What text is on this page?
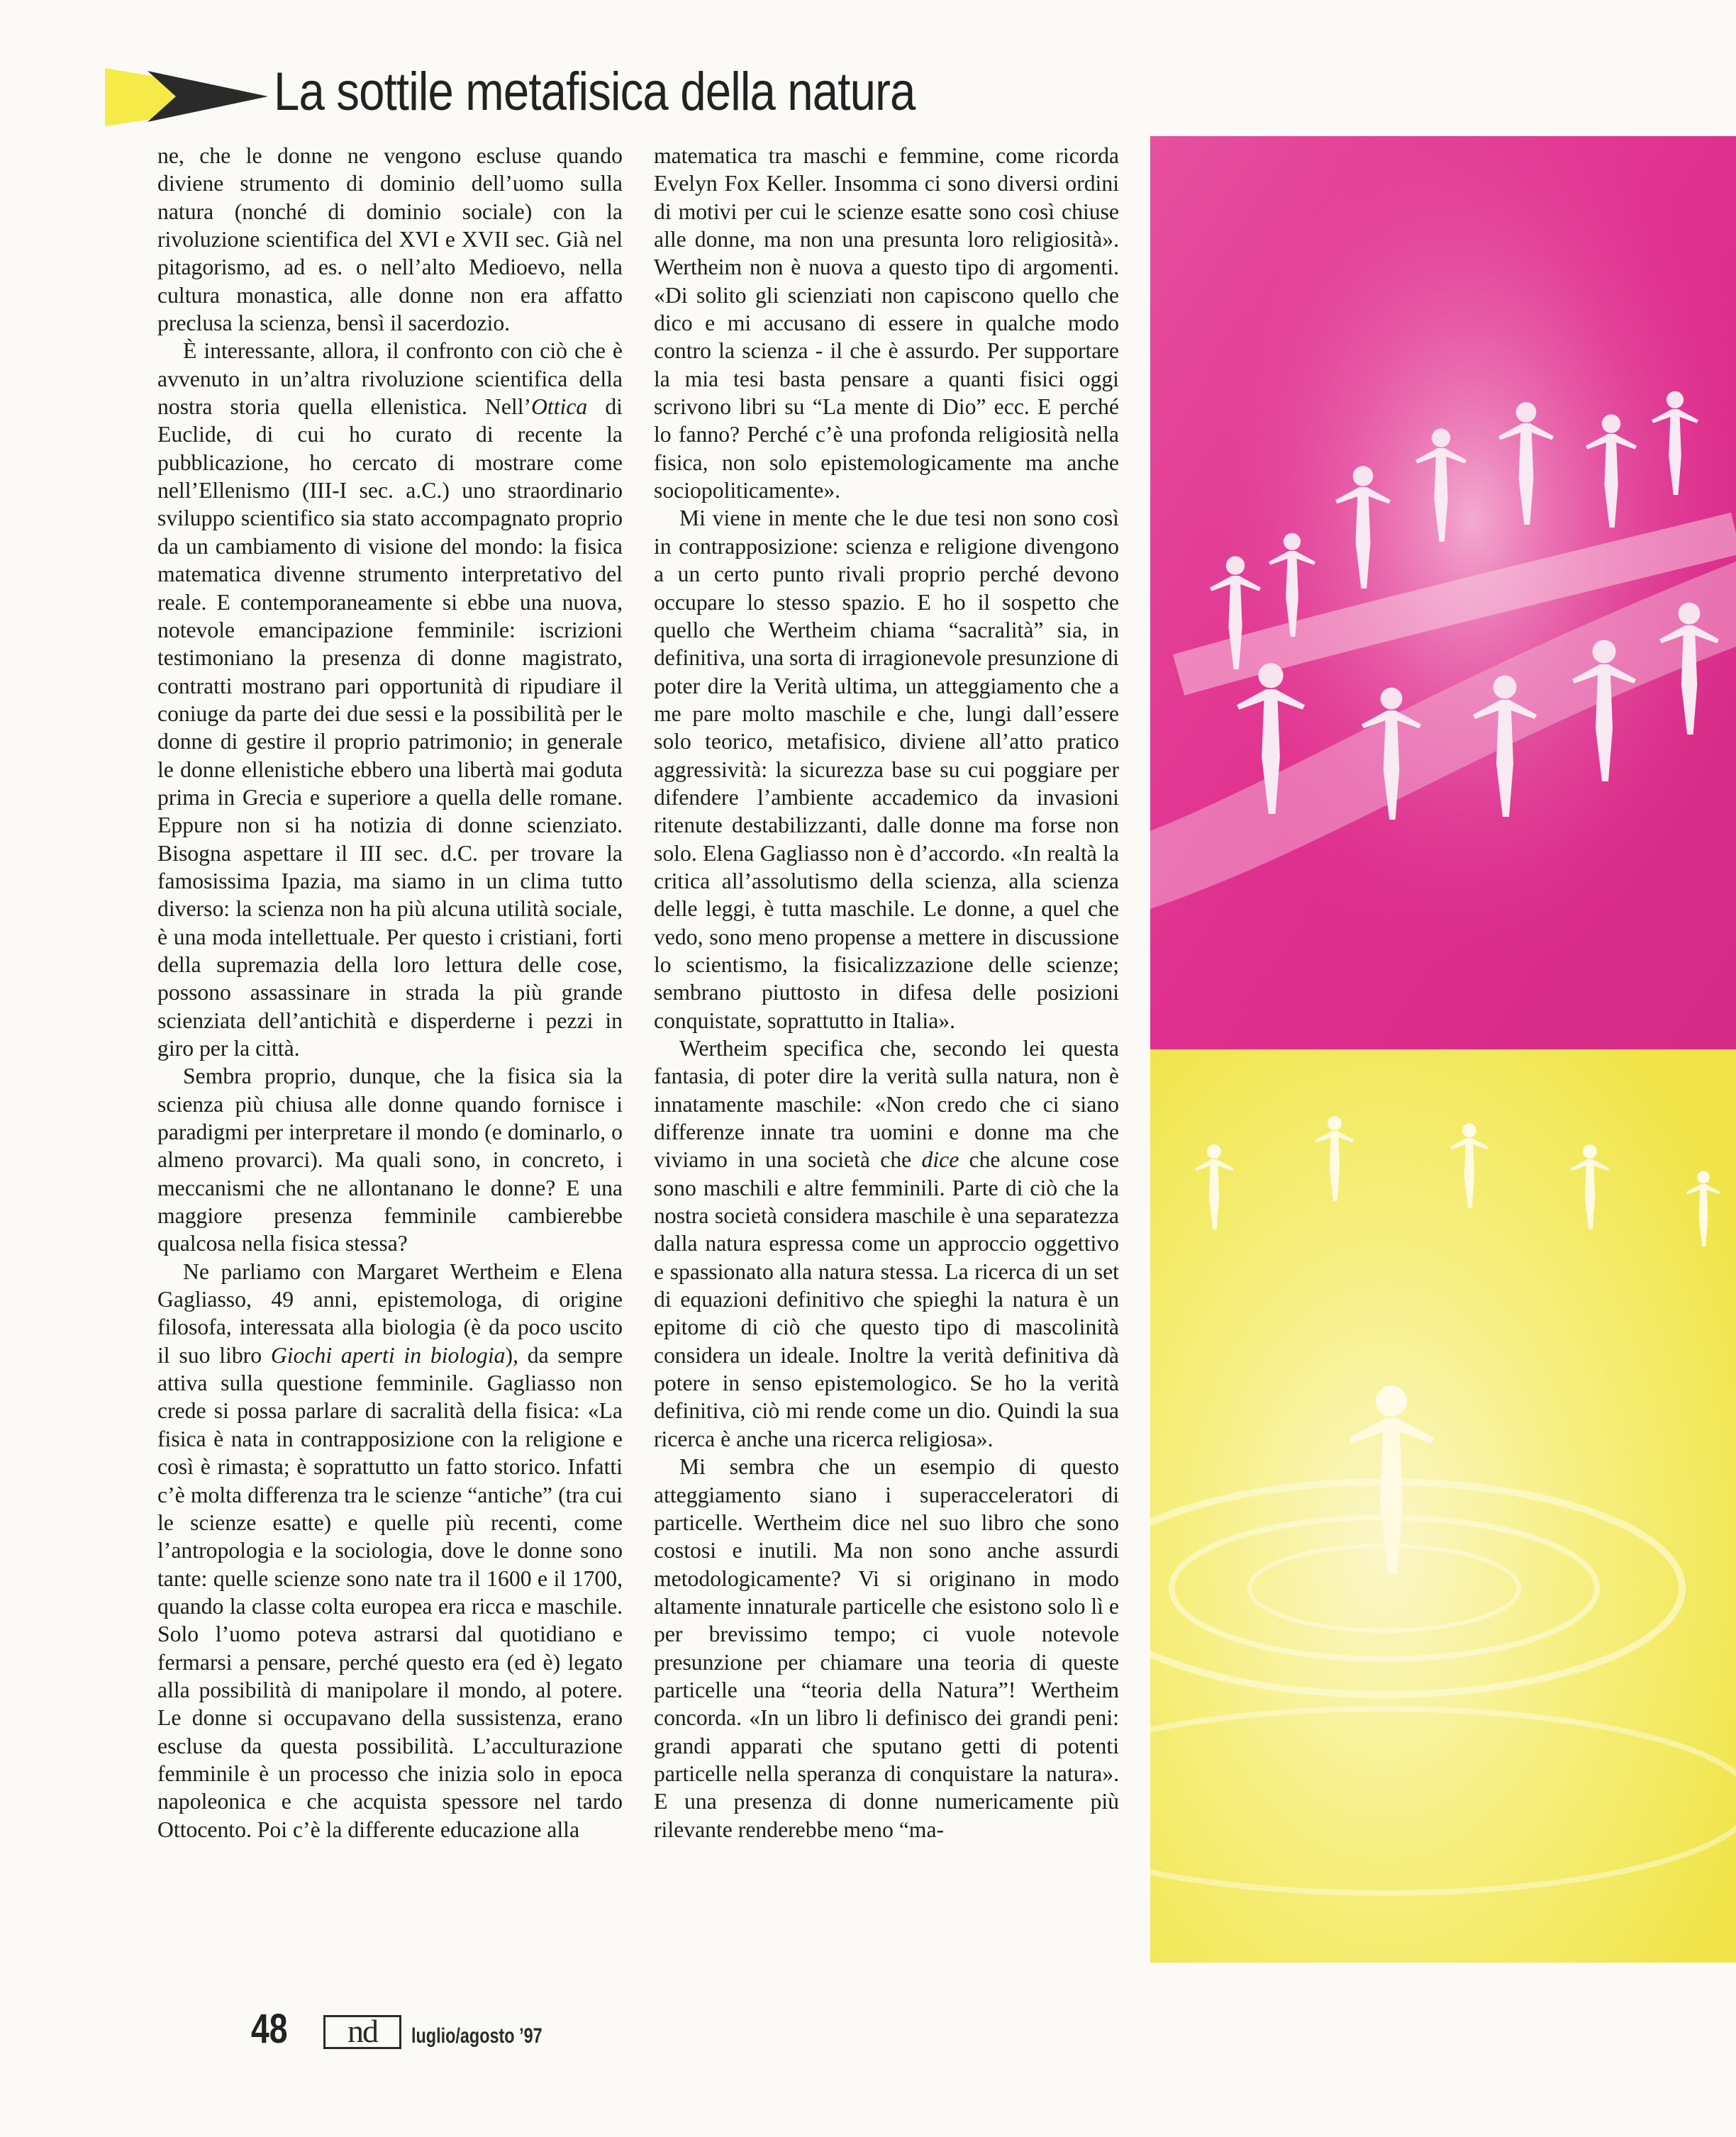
La sottile metafisica della natura

ne, che le donne ne vengono escluse quando diviene strumento di dominio dell’uomo sulla natura (nonché di dominio sociale) con la rivoluzione scientifica del XVI e XVII sec. Già nel pitagorismo, ad es. o nell’alto Medioevo, nella cultura monastica, alle donne non era affatto preclusa la scienza, bensì il sacerdozio.

È interessante, allora, il confronto con ciò che è avvenuto in un’altra rivoluzione scientifica della nostra storia quella ellenistica. Nell’Ottica di Euclide, di cui ho curato di recente la pubblicazione, ho cercato di mostrare come nell’Ellenismo (III-I sec. a.C.) uno straordinario sviluppo scientifico sia stato accompagnato proprio da un cambiamento di visione del mondo: la fisica matematica divenne strumento interpretativo del reale. E contemporaneamente si ebbe una nuova, notevole emancipazione femminile: iscrizioni testimoniano la presenza di donne magistrato, contratti mostrano pari opportunità di ripudiare il coniuge da parte dei due sessi e la possibilità per le donne di gestire il proprio patrimonio; in generale le donne ellenistiche ebbero una libertà mai goduta prima in Grecia e superiore a quella delle romane. Eppure non si ha notizia di donne scienziato. Bisogna aspettare il III sec. d.C. per trovare la famosissima Ipazia, ma siamo in un clima tutto diverso: la scienza non ha più alcuna utilità sociale, è una moda intellettuale. Per questo i cristiani, forti della supremazia della loro lettura delle cose, possono assassinare in strada la più grande scienziata dell’antichità e disperderne i pezzi in giro per la città.

Sembra proprio, dunque, che la fisica sia la scienza più chiusa alle donne quando fornisce i paradigmi per interpretare il mondo (e dominarlo, o almeno provarci). Ma quali sono, in concreto, i meccanismi che ne allontanano le donne? E una maggiore presenza femminile cambierebbe qualcosa nella fisica stessa?

Ne parliamo con Margaret Wertheim e Elena Gagliasso, 49 anni, epistemologa, di origine filosofa, interessata alla biologia (è da poco uscito il suo libro Giochi aperti in biologia), da sempre attiva sulla questione femminile. Gagliasso non crede si possa parlare di sacralità della fisica: «La fisica è nata in contrapposizione con la religione e così è rimasta; è soprattutto un fatto storico. Infatti c’è molta differenza tra le scienze “antiche” (tra cui le scienze esatte) e quelle più recenti, come l’antropologia e la sociologia, dove le donne sono tante: quelle scienze sono nate tra il 1600 e il 1700, quando la classe colta europea era ricca e maschile. Solo l’uomo poteva astrarsi dal quotidiano e fermarsi a pensare, perché questo era (ed è) legato alla possibilità di manipolare il mondo, al potere. Le donne si occupavano della sussistenza, erano escluse da questa possibilità. L’acculturazione femminile è un processo che inizia solo in epoca napoleonica e che acquista spessore nel tardo Ottocento. Poi c’è la differente educazione alla

matematica tra maschi e femmine, come ricorda Evelyn Fox Keller. Insomma ci sono diversi ordini di motivi per cui le scienze esatte sono così chiuse alle donne, ma non una presunta loro religiosità». Wertheim non è nuova a questo tipo di argomenti. «Di solito gli scienziati non capiscono quello che dico e mi accusano di essere in qualche modo contro la scienza - il che è assurdo. Per supportare la mia tesi basta pensare a quanti fisici oggi scrivono libri su “La mente di Dio” ecc. E perché lo fanno? Perché c’è una profonda religiosità nella fisica, non solo epistemologicamente ma anche sociopoliticamente».

Mi viene in mente che le due tesi non sono così in contrapposizione: scienza e religione divengono a un certo punto rivali proprio perché devono occupare lo stesso spazio. E ho il sospetto che quello che Wertheim chiama “sacralità” sia, in definitiva, una sorta di irragionevole presunzione di poter dire la Verità ultima, un atteggiamento che a me pare molto maschile e che, lungi dall’essere solo teorico, metafisico, diviene all’atto pratico aggressività: la sicurezza base su cui poggiare per difendere l’ambiente accademico da invasioni ritenute destabilizzanti, dalle donne ma forse non solo. Elena Gagliasso non è d’accordo. «In realtà la critica all’assolutismo della scienza, alla scienza delle leggi, è tutta maschile. Le donne, a quel che vedo, sono meno propense a mettere in discussione lo scientismo, la fisicalizzazione delle scienze; sembrano piuttosto in difesa delle posizioni conquistate, soprattutto in Italia».

Wertheim specifica che, secondo lei questa fantasia, di poter dire la verità sulla natura, non è innatamente maschile: «Non credo che ci siano differenze innate tra uomini e donne ma che viviamo in una società che dice che alcune cose sono maschili e altre femminili. Parte di ciò che la nostra società considera maschile è una separatezza dalla natura espressa come un approccio oggettivo e spassionato alla natura stessa. La ricerca di un set di equazioni definitivo che spieghi la natura è un epitome di ciò che questo tipo di mascolinità considera un ideale. Inoltre la verità definitiva dà potere in senso epistemologico. Se ho la verità definitiva, ciò mi rende come un dio. Quindi la sua ricerca è anche una ricerca religiosa».

Mi sembra che un esempio di questo atteggiamento siano i superacceleratori di particelle. Wertheim dice nel suo libro che sono costosi e inutili. Ma non sono anche assurdi metodologicamente? Vi si originano in modo altamente innaturale particelle che esistono solo lì e per brevissimo tempo; ci vuole notevole presunzione per chiamare una teoria di queste particelle una “teoria della Natura”! Wertheim concorda. «In un libro li definisco dei grandi peni: grandi apparati che sputano getti di potenti particelle nella speranza di conquistare la natura». E una presenza di donne numericamente più rilevante renderebbe meno “ma-

48	nd	luglio/agosto ’97
